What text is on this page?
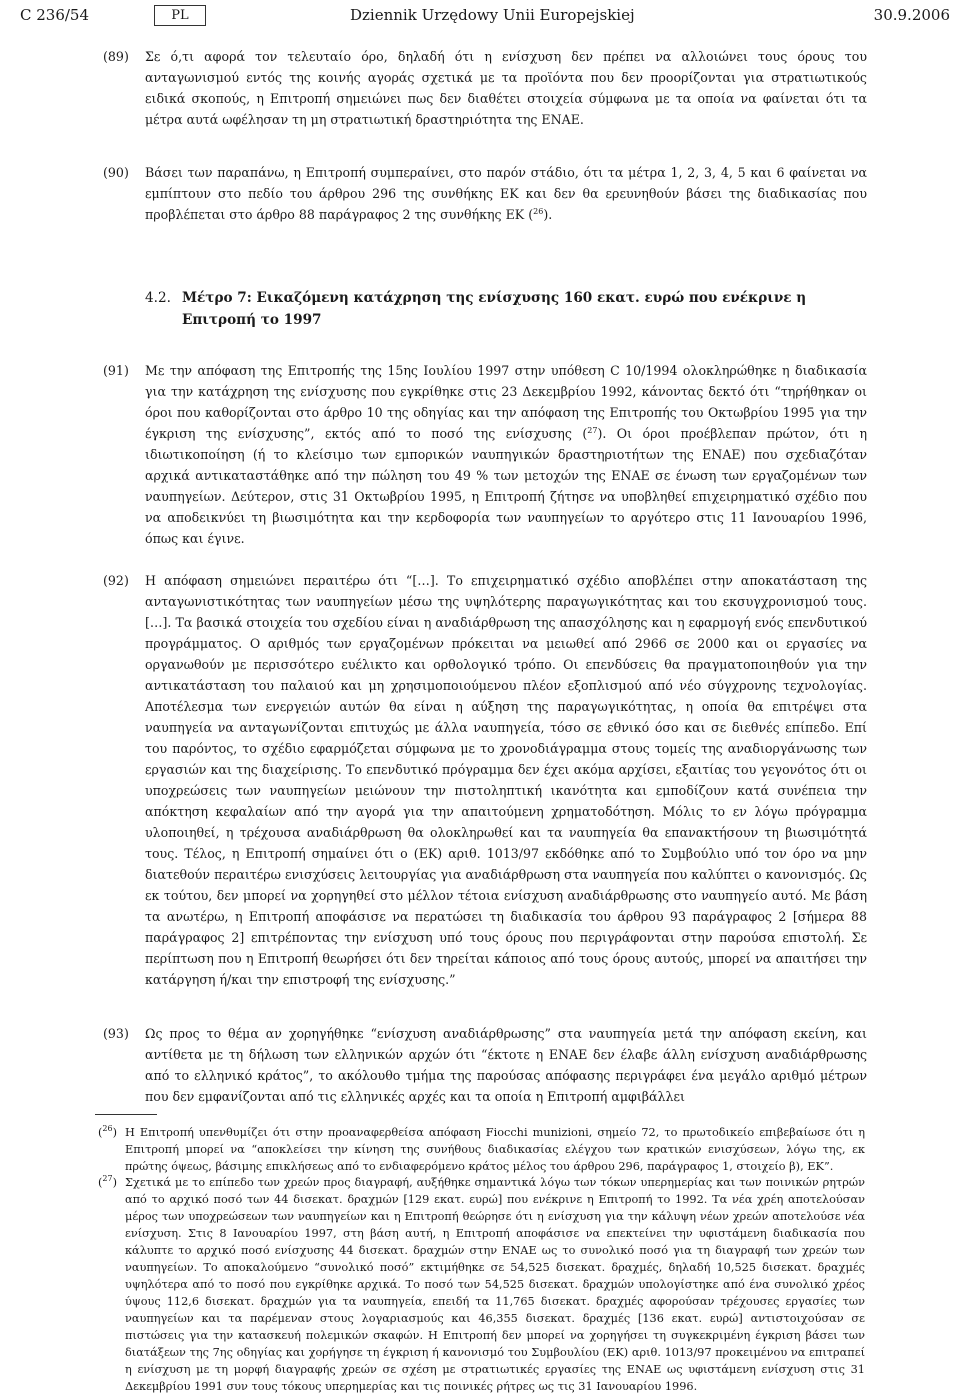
C 236/54	PL	Dziennik Urzędowy Unii Europejskiej	30.9.2006
(89) Σε ό,τι αφορά τον τελευταίο όρο, δηλαδή ότι η ενίσχυση δεν πρέπει να αλλοιώνει τους όρους του ανταγωνισμού εντός της κοινής αγοράς σχετικά με τα προϊόντα που δεν προορίζονται για στρατιωτικούς ειδικά σκοπούς, η Επιτροπή σημειώνει πως δεν διαθέτει στοιχεία σύμφωνα με τα οποία να φαίνεται ότι τα μέτρα αυτά ωφέλησαν τη μη στρατιωτική δραστηριότητα της ENAE.
(90) Βάσει των παραπάνω, η Επιτροπή συμπεραίνει, στο παρόν στάδιο, ότι τα μέτρα 1, 2, 3, 4, 5 και 6 φαίνεται να εμπίπτουν στο πεδίο του άρθρου 296 της συνθήκης ΕΚ και δεν θα ερευνηθούν βάσει της διαδικασίας που προβλέπεται στο άρθρο 88 παράγραφος 2 της συνθήκης ΕΚ ($^{26}$).
4.2. Μέτρο 7: Εικαζόμενη κατάχρηση της ενίσχυσης 160 εκατ. ευρώ που ενέκρινε η Επιτροπή το 1997
(91) Με την απόφαση της Επιτροπής της 15ης Ιουλίου 1997 στην υπόθεση C 10/1994 ολοκληρώθηκε η διαδικασία για την κατάχρηση της ενίσχυσης που εγκρίθηκε στις 23 Δεκεμβρίου 1992, κάνοντας δεκτό ότι “τηρήθηκαν οι όροι που καθορίζονται στο άρθρο 10 της οδηγίας και την απόφαση της Επιτροπής του Οκτωβρίου 1995 για την έγκριση της ενίσχυσης”, εκτός από το ποσό της ενίσχυσης ($^{27}$). Οι όροι προέβλεπαν πρώτον, ότι η ιδιωτικοποίηση (ή το κλείσιμο των εμπορικών ναυπηγικών δραστηριοτήτων της ENAE) που σχεδιαζόταν αρχικά αντικαταστάθηκε από την πώληση του 49 % των μετοχών της ENAE σε ένωση των εργαζομένων των ναυπηγείων. Δεύτερον, στις 31 Οκτωβρίου 1995, η Επιτροπή ζήτησε να υποβληθεί επιχειρηματικό σχέδιο που να αποδεικνύει τη βιωσιμότητα και την κερδοφορία των ναυπηγείων το αργότερο στις 11 Ιανουαρίου 1996, όπως και έγινε.
(92) Η απόφαση σημειώνει περαιτέρω ότι “[…]. Το επιχειρηματικό σχέδιο αποβλέπει στην αποκατάσταση της ανταγωνιστικότητας των ναυπηγείων μέσω της υψηλότερης παραγωγικότητας και του εκσυγχρονισμού τους. […]. Τα βασικά στοιχεία του σχεδίου είναι η αναδιάρθρωση της απασχόλησης και η εφαρμογή ενός επενδυτικού προγράμματος. Ο αριθμός των εργαζομένων πρόκειται να μειωθεί από 2966 σε 2000 και οι εργασίες να οργανωθούν με περισσότερο ευέλικτο και ορθολογικό τρόπο. Οι επενδύσεις θα πραγματοποιηθούν για την αντικατάσταση του παλαιού και μη χρησιμοποιούμενου πλέον εξοπλισμού από νέο σύγχρονης τεχνολογίας. Αποτέλεσμα των ενεργειών αυτών θα είναι η αύξηση της παραγωγικότητας, η οποία θα επιτρέψει στα ναυπηγεία να ανταγωνίζονται επιτυχώς με άλλα ναυπηγεία, τόσο σε εθνικό όσο και σε διεθνές επίπεδο. Επί του παρόντος, το σχέδιο εφαρμόζεται σύμφωνα με το χρονοδιάγραμμα στους τομείς της αναδιοργάνωσης των εργασιών και της διαχείρισης. Το επενδυτικό πρόγραμμα δεν έχει ακόμα αρχίσει, εξαιτίας του γεγονότος ότι οι υποχρεώσεις των ναυπηγείων μειώνουν την πιστοληπτική ικανότητα και εμποδίζουν κατά συνέπεια την απόκτηση κεφαλαίων από την αγορά για την απαιτούμενη χρηματοδότηση. Μόλις το εν λόγω πρόγραμμα υλοποιηθεί, η τρέχουσα αναδιάρθρωση θα ολοκληρωθεί και τα ναυπηγεία θα επανακτήσουν τη βιωσιμότητά τους. Τέλος, η Επιτροπή σημαίνει ότι ο (ΕΚ) αριθ. 1013/97 εκδόθηκε από το Συμβούλιο υπό τον όρο να μην διατεθούν περαιτέρω ενισχύσεις λειτουργίας για αναδιάρθρωση στα ναυπηγεία που καλύπτει ο κανονισμός. Ως εκ τούτου, δεν μπορεί να χορηγηθεί στο μέλλον τέτοια ενίσχυση αναδιάρθρωσης στο ναυπηγείο αυτό. Με βάση τα ανωτέρω, η Επιτροπή αποφάσισε να περατώσει τη διαδικασία του άρθρου 93 παράγραφος 2 [σήμερα 88 παράγραφος 2] επιτρέποντας την ενίσχυση υπό τους όρους που περιγράφονται στην παρούσα επιστολή. Σε περίπτωση που η Επιτροπή θεωρήσει ότι δεν τηρείται κάποιος από τους όρους αυτούς, μπορεί να απαιτήσει την κατάργηση ή/και την επιστροφή της ενίσχυσης.”
(93) Ως προς το θέμα αν χορηγήθηκε “ενίσχυση αναδιάρθρωσης” στα ναυπηγεία μετά την απόφαση εκείνη, και αντίθετα με τη δήλωση των ελληνικών αρχών ότι “έκτοτε η ENAE δεν έλαβε άλλη ενίσχυση αναδιάρθρωσης από το ελληνικό κράτος”, το ακόλουθο τμήμα της παρούσας απόφασης περιγράφει ένα μεγάλο αριθμό μέτρων που δεν εμφανίζονται από τις ελληνικές αρχές και τα οποία η Επιτροπή αμφιβάλλει
($^{26}$) Η Επιτροπή υπενθυμίζει ότι στην προαναφερθείσα απόφαση Fiocchi munizioni, σημείο 72, το πρωτοδικείο επιβεβαίωσε ότι η Επιτροπή μπορεί να “αποκλείσει την κίνηση της συνήθους διαδικασίας ελέγχου των κρατικών ενισχύσεων, λόγω της, εκ πρώτης όψεως, βάσιμης επικλήσεως από το ενδιαφερόμενο κράτος μέλος του άρθρου 296, παράγραφος 1, στοιχείο β), ΕΚ”.
($^{27}$) Σχετικά με το επίπεδο των χρεών προς διαγραφή, αυξήθηκε σημαντικά λόγω των τόκων υπερημερίας και των ποινικών ρητρών από το αρχικό ποσό των 44 δισεκατ. δραχμών [129 εκατ. ευρώ] που ενέκρινε η Επιτροπή το 1992. Τα νέα χρέη αποτελούσαν μέρος των υποχρεώσεων των ναυπηγείων και η Επιτροπή θεώρησε ότι η ενίσχυση για την κάλυψη νέων χρεών αποτελούσε νέα ενίσχυση. Στις 8 Ιανουαρίου 1997, στη βάση αυτή, η Επιτροπή αποφάσισε να επεκτείνει την υφιστάμενη διαδικασία που κάλυπτε το αρχικό ποσό ενίσχυσης 44 δισεκατ. δραχμών στην ENAE ως το συνολικό ποσό για τη διαγραφή των χρεών των ναυπηγείων. Το αποκαλούμενο “συνολικό ποσό” εκτιμήθηκε σε 54,525 δισεκατ. δραχμές, δηλαδή 10,525 δισεκατ. δραχμές υψηλότερα από το ποσό που εγκρίθηκε αρχικά. Το ποσό των 54,525 δισεκατ. δραχμών υπολογίστηκε από ένα συνολικό χρέος ύψους 112,6 δισεκατ. δραχμών για τα ναυπηγεία, επειδή τα 11,765 δισεκατ. δραχμές αφορούσαν τρέχουσες εργασίες των ναυπηγείων και τα παρέμεναν στους λογαριασμούς και 46,355 δισεκατ. δραχμές [136 εκατ. ευρώ] αντιστοιχούσαν σε πιστώσεις για την κατασκευή πολεμικών σκαφών. Η Επιτροπή δεν μπορεί να χορηγήσει τη συγκεκριμένη έγκριση βάσει των διατάξεων της 7ης οδηγίας και χορήγησε τη έγκριση ή κανονισμό του Συμβουλίου (ΕΚ) αριθ. 1013/97 προκειμένου να επιτραπεί η ενίσχυση με τη μορφή διαγραφής χρεών σε σχέση με στρατιωτικές εργασίες της ENAE ως υφιστάμενη ενίσχυση στις 31 Δεκεμβρίου 1991 συν τους τόκους υπερημερίας και τις ποινικές ρήτρες ως τις 31 Ιανουαρίου 1996.
